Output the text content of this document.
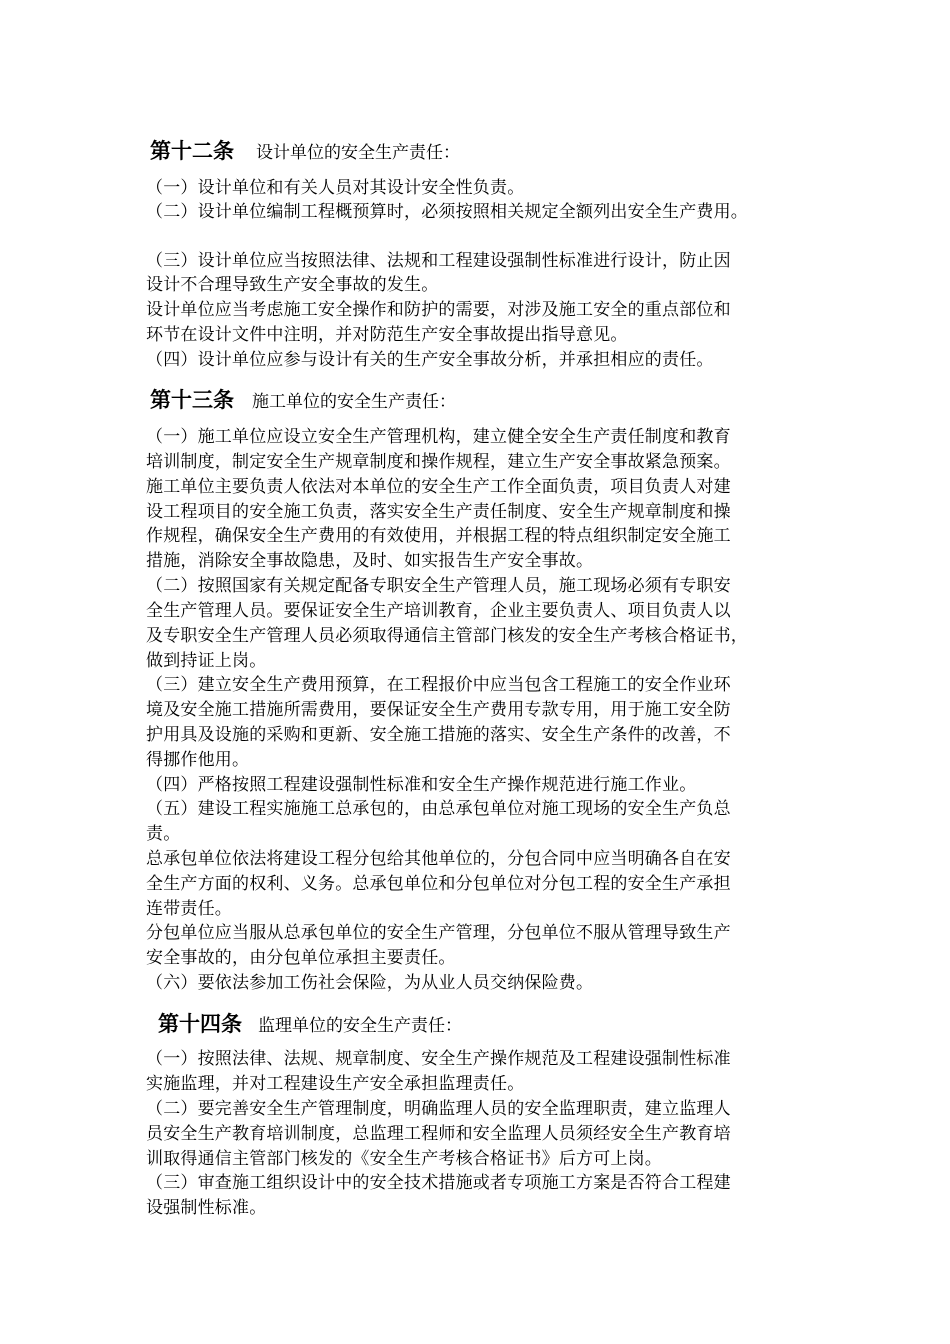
第十二条 设计单位的安全生产责任：
（一）设计单位和有关人员对其设计安全性负责。
（二）设计单位编制工程概预算时，必须按照相关规定全额列出安全生产费用。
（三）设计单位应当按照法律、法规和工程建设强制性标准进行设计，防止因
设计不合理导致生产安全事故的发生。
设计单位应当考虑施工安全操作和防护的需要，对涉及施工安全的重点部位和
环节在设计文件中注明，并对防范生产安全事故提出指导意见。
（四）设计单位应参与设计有关的生产安全事故分析，并承担相应的责任。
第十三条 施工单位的安全生产责任：
（一）施工单位应设立安全生产管理机构，建立健全安全生产责任制度和教育
培训制度，制定安全生产规章制度和操作规程，建立生产安全事故紧急预案。
施工单位主要负责人依法对本单位的安全生产工作全面负责，项目负责人对建
设工程项目的安全施工负责，落实安全生产责任制度、安全生产规章制度和操
作规程，确保安全生产费用的有效使用，并根据工程的特点组织制定安全施工
措施，消除安全事故隐患，及时、如实报告生产安全事故。
（二）按照国家有关规定配备专职安全生产管理人员，施工现场必须有专职安
全生产管理人员。要保证安全生产培训教育，企业主要负责人、项目负责人以
及专职安全生产管理人员必须取得通信主管部门核发的安全生产考核合格证书，
做到持证上岗。
（三）建立安全生产费用预算，在工程报价中应当包含工程施工的安全作业环
境及安全施工措施所需费用，要保证安全生产费用专款专用，用于施工安全防
护用具及设施的采购和更新、安全施工措施的落实、安全生产条件的改善，不
得挪作他用。
（四）严格按照工程建设强制性标准和安全生产操作规范进行施工作业。
（五）建设工程实施施工总承包的，由总承包单位对施工现场的安全生产负总
责。
总承包单位依法将建设工程分包给其他单位的，分包合同中应当明确各自在安
全生产方面的权利、义务。总承包单位和分包单位对分包工程的安全生产承担
连带责任。
分包单位应当服从总承包单位的安全生产管理，分包单位不服从管理导致生产
安全事故的，由分包单位承担主要责任。
（六）要依法参加工伤社会保险，为从业人员交纳保险费。
第十四条 监理单位的安全生产责任：
（一）按照法律、法规、规章制度、安全生产操作规范及工程建设强制性标准
实施监理，并对工程建设生产安全承担监理责任。
（二）要完善安全生产管理制度，明确监理人员的安全监理职责，建立监理人
员安全生产教育培训制度，总监理工程师和安全监理人员须经安全生产教育培
训取得通信主管部门核发的《安全生产考核合格证书》后方可上岗。
（三）审查施工组织设计中的安全技术措施或者专项施工方案是否符合工程建
设强制性标准。
